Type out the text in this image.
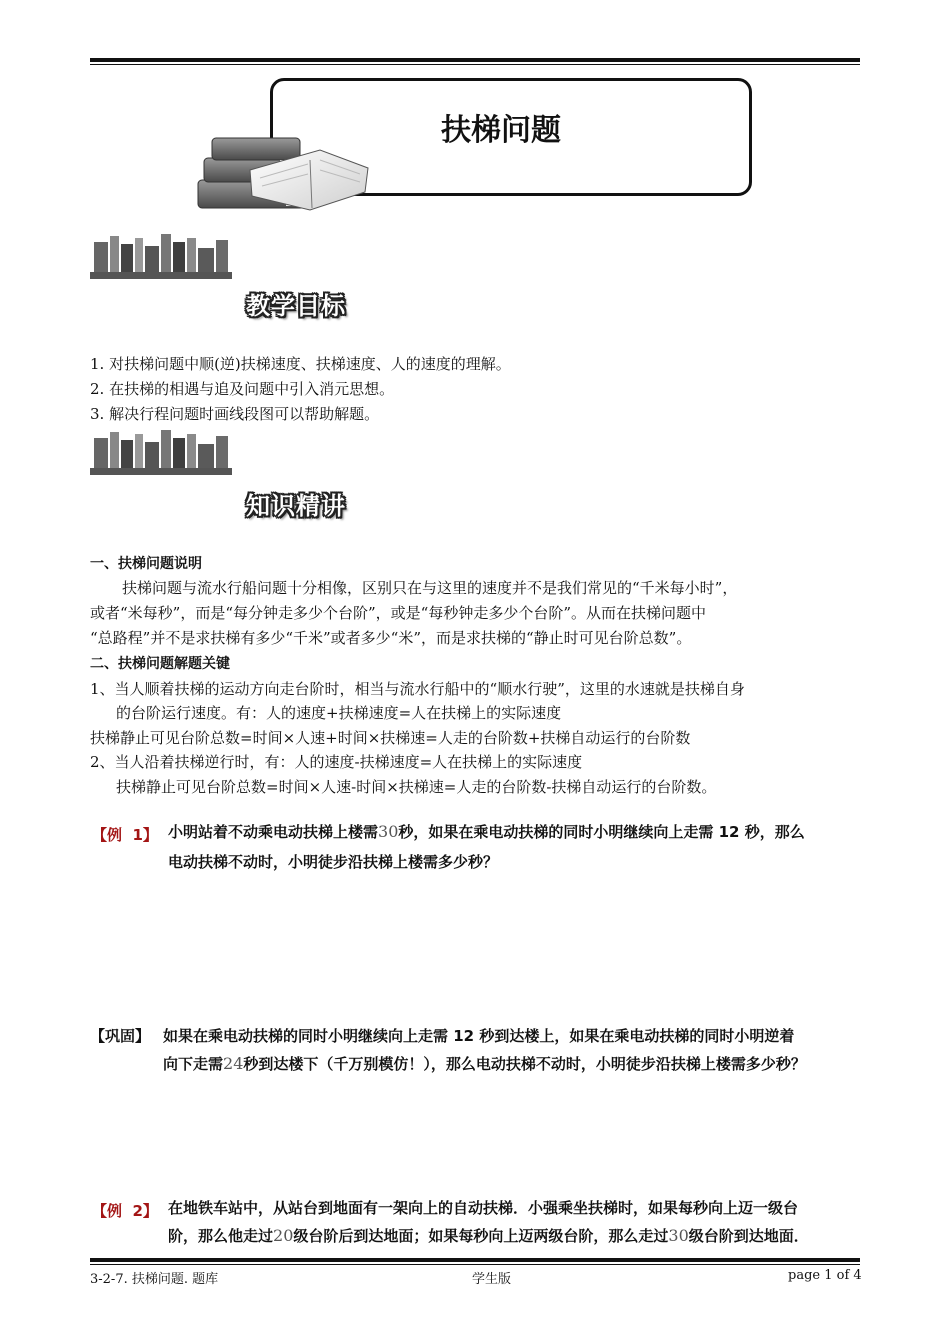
扶梯问题
教学目标
1. 对扶梯问题中顺(逆)扶梯速度、扶梯速度、人的速度的理解。
2. 在扶梯的相遇与追及问题中引入消元思想。
3. 解决行程问题时画线段图可以帮助解题。
知识精讲
一、扶梯问题说明
扶梯问题与流水行船问题十分相像，区别只在与这里的速度并不是我们常见的“千米每小时”，
或者“米每秒”，而是“每分钟走多少个台阶”，或是“每秒钟走多少个台阶”。从而在扶梯问题中
“总路程”并不是求扶梯有多少“千米”或者多少“米”，而是求扶梯的“静止时可见台阶总数”。
二、扶梯问题解题关键
1、当人顺着扶梯的运动方向走台阶时，相当与流水行船中的“顺水行驶”，这里的水速就是扶梯自身
的台阶运行速度。有：人的速度+扶梯速度=人在扶梯上的实际速度
扶梯静止可见台阶总数=时间×人速+时间×扶梯速=人走的台阶数+扶梯自动运行的台阶数
2、当人沿着扶梯逆行时，有：人的速度-扶梯速度=人在扶梯上的实际速度
扶梯静止可见台阶总数=时间×人速-时间×扶梯速=人走的台阶数-扶梯自动运行的台阶数。
【例 1】 小明站着不动乘电动扶梯上楼需30秒，如果在乘电动扶梯的同时小明继续向上走需 12 秒，那么
电动扶梯不动时，小明徒步沿扶梯上楼需多少秒？
【巩固】 如果在乘电动扶梯的同时小明继续向上走需 12 秒到达楼上，如果在乘电动扶梯的同时小明逆着
向下走需24秒到达楼下（千万别模仿！），那么电动扶梯不动时，小明徒步沿扶梯上楼需多少秒？
【例 2】 在地铁车站中，从站台到地面有一架向上的自动扶梯．小强乘坐扶梯时，如果每秒向上迈一级台
阶，那么他走过20级台阶后到达地面；如果每秒向上迈两级台阶，那么走过30级台阶到达地面．
3-2-7. 扶梯问题. 题库	学生版	page 1 of 4
